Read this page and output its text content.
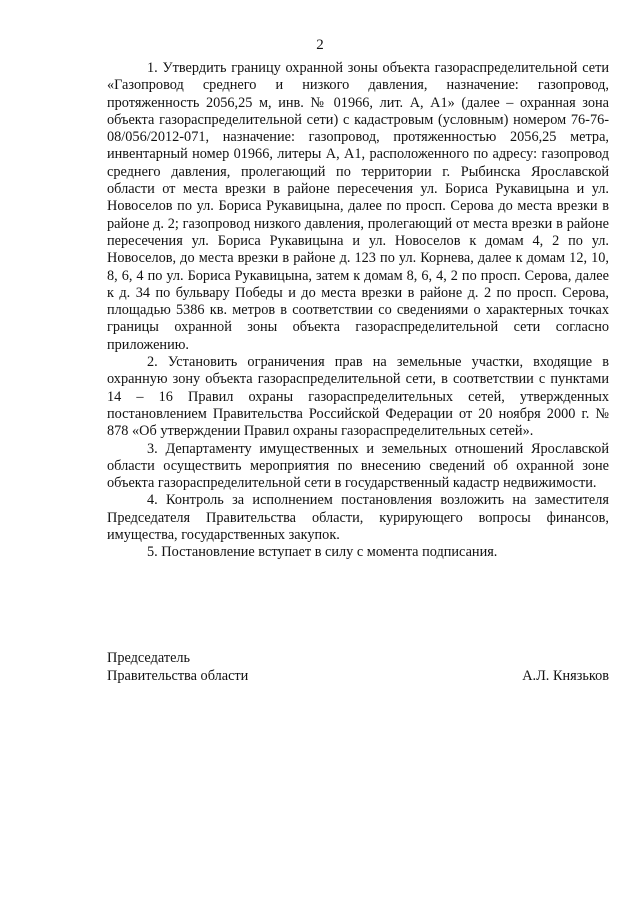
2

1. Утвердить границу охранной зоны объекта газораспределительной сети «Газопровод среднего и низкого давления, назначение: газопровод, протяженность 2056,25 м, инв. № 01966, лит. А, А1» (далее – охранная зона объекта газораспределительной сети) с кадастровым (условным) номером 76-76-08/056/2012-071, назначение: газопровод, протяженностью 2056,25 метра, инвентарный номер 01966, литеры А, А1, расположенного по адресу: газопровод среднего давления, пролегающий по территории г. Рыбинска Ярославской области от места врезки в районе пересечения ул. Бориса Рукавицына и ул. Новоселов по ул. Бориса Рукавицына, далее по просп. Серова до места врезки в районе д. 2; газопровод низкого давления, пролегающий от места врезки в районе пересечения ул. Бориса Рукавицына и ул. Новоселов к домам 4, 2 по ул. Новоселов, до места врезки в районе д. 123 по ул. Корнева, далее к домам 12, 10, 8, 6, 4 по ул. Бориса Рукавицына, затем к домам 8, 6, 4, 2 по просп. Серова, далее к д. 34 по бульвару Победы и до места врезки в районе д. 2 по просп. Серова, площадью 5386 кв. метров в соответствии со сведениями о характерных точках границы охранной зоны объекта газораспределительной сети согласно приложению.

2. Установить ограничения прав на земельные участки, входящие в охранную зону объекта газораспределительной сети, в соответствии с пунктами 14 – 16 Правил охраны газораспределительных сетей, утвержденных постановлением Правительства Российской Федерации от 20 ноября 2000 г. № 878 «Об утверждении Правил охраны газораспределительных сетей».

3. Департаменту имущественных и земельных отношений Ярославской области осуществить мероприятия по внесению сведений об охранной зоне объекта газораспределительной сети в государственный кадастр недвижимости.

4. Контроль за исполнением постановления возложить на заместителя Председателя Правительства области, курирующего вопросы финансов, имущества, государственных закупок.

5. Постановление вступает в силу с момента подписания.

Председатель
Правительства области	А.Л. Князьков
